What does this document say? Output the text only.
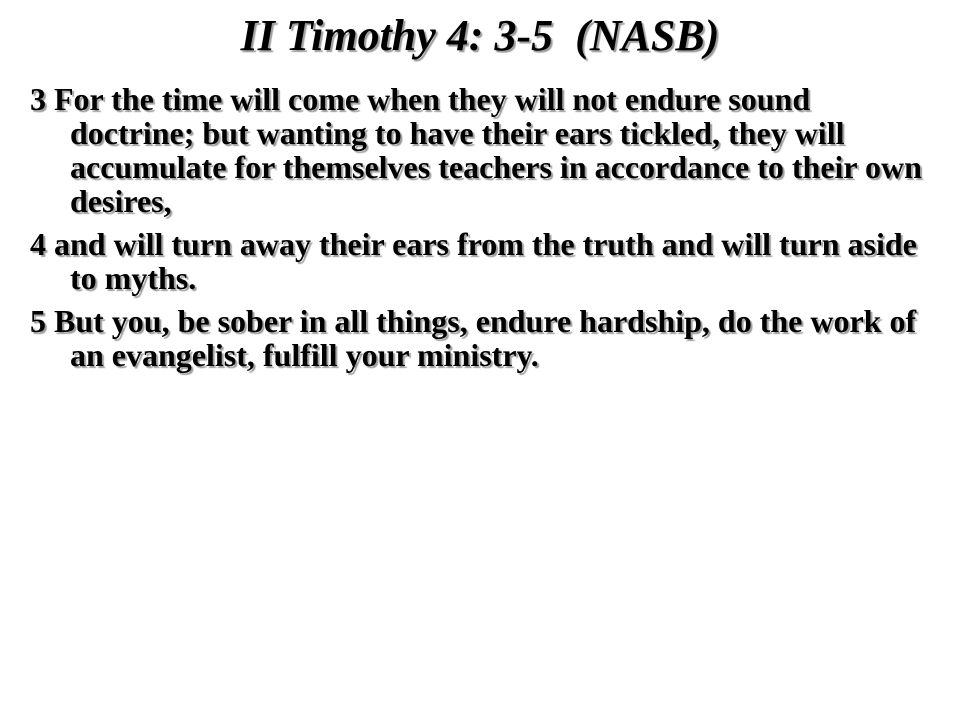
II Timothy 4: 3-5  (NASB)
3 For the time will come when they will not endure sound doctrine; but wanting to have their ears tickled, they will accumulate for themselves teachers in accordance to their own desires,
4 and will turn away their ears from the truth and will turn aside to myths.
5 But you, be sober in all things, endure hardship, do the work of an evangelist, fulfill your ministry.
